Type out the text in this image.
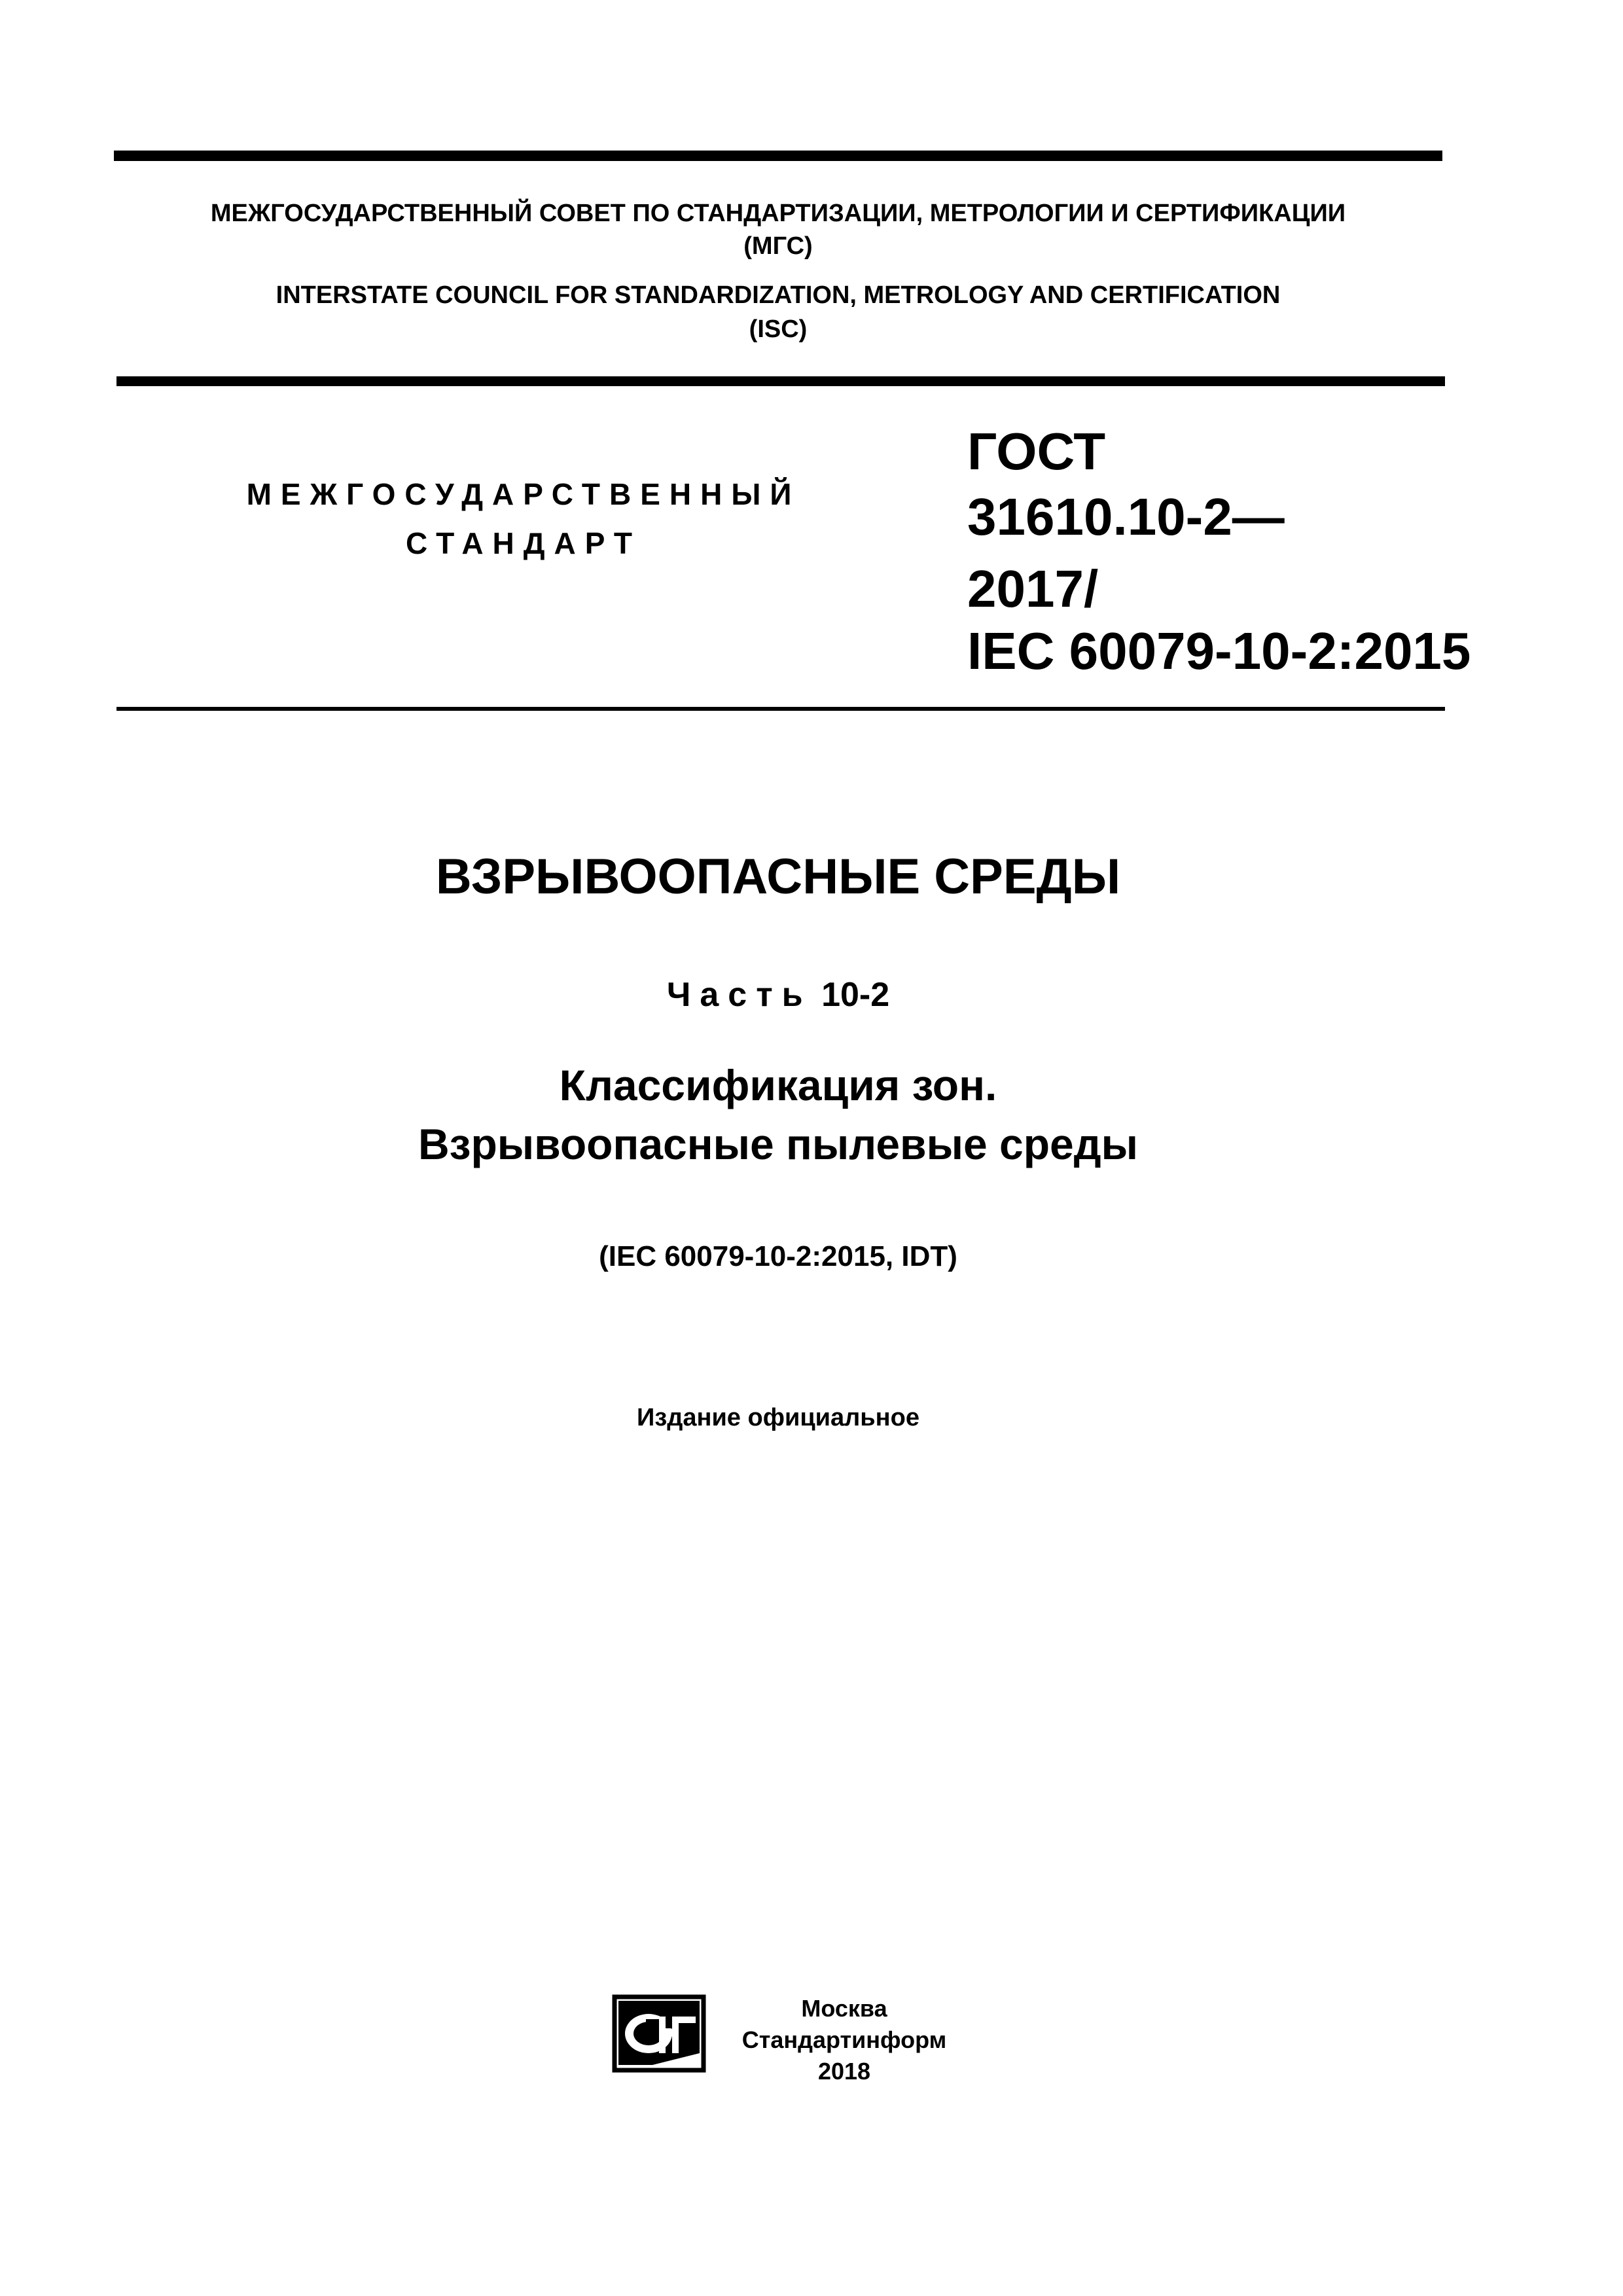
МЕЖГОСУДАРСТВЕННЫЙ СОВЕТ ПО СТАНДАРТИЗАЦИИ, МЕТРОЛОГИИ И СЕРТИФИКАЦИИ
(МГС)
INTERSTATE COUNCIL FOR STANDARDIZATION, METROLOGY AND CERTIFICATION
(ISC)
МЕЖГОСУДАРСТВЕННЫЙ
СТАНДАРТ
ГОСТ
31610.10-2—
2017/
IEC 60079-10-2:2015
ВЗРЫВООПАСНЫЕ СРЕДЫ
Часть 10-2
Классификация зон.
Взрывоопасные пылевые среды
(IEC 60079-10-2:2015, IDT)
Издание официальное
Москва
Стандартинформ
2018
